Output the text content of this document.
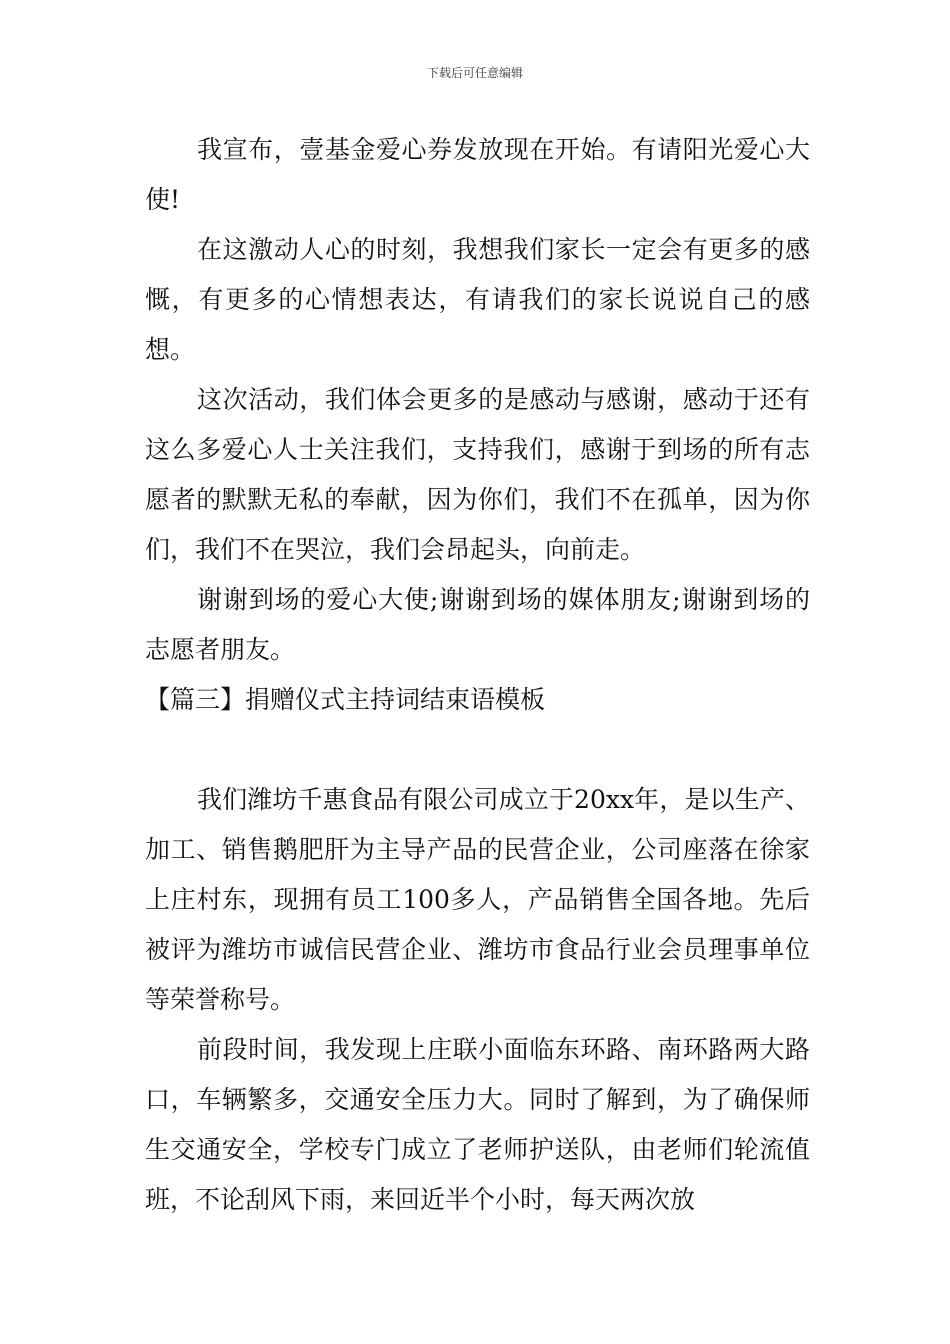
下载后可任意编辑

我宣布，壹基金爱心券发放现在开始。有请阳光爱心大使!

在这激动人心的时刻，我想我们家长一定会有更多的感慨，有更多的心情想表达，有请我们的家长说说自己的感想。

这次活动，我们体会更多的是感动与感谢，感动于还有这么多爱心人士关注我们，支持我们，感谢于到场的所有志愿者的默默无私的奉献，因为你们，我们不在孤单，因为你们，我们不在哭泣，我们会昂起头，向前走。

谢谢到场的爱心大使;谢谢到场的媒体朋友;谢谢到场的志愿者朋友。

【篇三】捐赠仪式主持词结束语模板

我们潍坊千惠食品有限公司成立于20xx年，是以生产、加工、销售鹅肥肝为主导产品的民营企业，公司座落在徐家上庄村东，现拥有员工100多人，产品销售全国各地。先后被评为潍坊市诚信民营企业、潍坊市食品行业会员理事单位等荣誉称号。

前段时间，我发现上庄联小面临东环路、南环路两大路口，车辆繁多，交通安全压力大。同时了解到，为了确保师生交通安全，学校专门成立了老师护送队，由老师们轮流值班，不论刮风下雨，来回近半个小时，每天两次放
